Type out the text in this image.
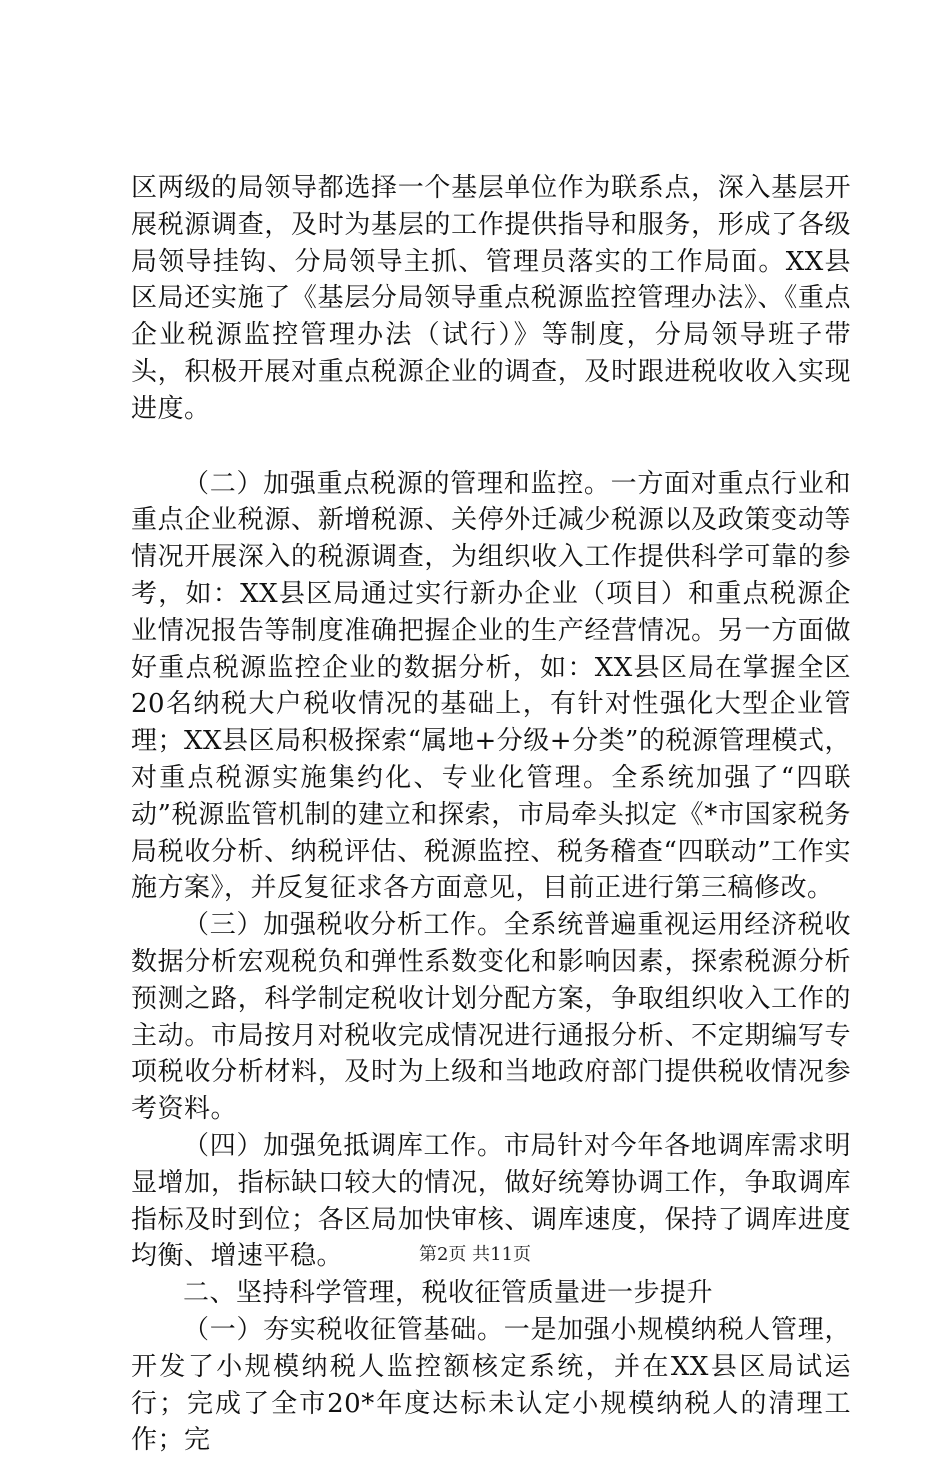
区两级的局领导都选择一个基层单位作为联系点，深入基层开展税源调查，及时为基层的工作提供指导和服务，形成了各级局领导挂钩、分局领导主抓、管理员落实的工作局面。XX县区局还实施了《基层分局领导重点税源监控管理办法》、《重点企业税源监控管理办法（试行）》等制度，分局领导班子带头，积极开展对重点税源企业的调查，及时跟进税收收入实现进度。

（二）加强重点税源的管理和监控。一方面对重点行业和重点企业税源、新增税源、关停外迁减少税源以及政策变动等情况开展深入的税源调查，为组织收入工作提供科学可靠的参考，如：XX县区局通过实行新办企业（项目）和重点税源企业情况报告等制度准确把握企业的生产经营情况。另一方面做好重点税源监控企业的数据分析，如：XX县区局在掌握全区20名纳税大户税收情况的基础上，有针对性强化大型企业管理；XX县区局积极探索“属地+分级+分类”的税源管理模式，对重点税源实施集约化、专业化管理。全系统加强了“四联动”税源监管机制的建立和探索，市局牵头拟定《*市国家税务局税收分析、纳税评估、税源监控、税务稽查“四联动”工作实施方案》，并反复征求各方面意见，目前正进行第三稿修改。

（三）加强税收分析工作。全系统普遍重视运用经济税收数据分析宏观税负和弹性系数变化和影响因素，探索税源分析预测之路，科学制定税收计划分配方案，争取组织收入工作的主动。市局按月对税收完成情况进行通报分析、不定期编写专项税收分析材料，及时为上级和当地政府部门提供税收情况参考资料。

（四）加强免抵调库工作。市局针对今年各地调库需求明显增加，指标缺口较大的情况，做好统筹协调工作，争取调库指标及时到位；各区局加快审核、调库速度，保持了调库进度均衡、增速平稳。

二、坚持科学管理，税收征管质量进一步提升

（一）夯实税收征管基础。一是加强小规模纳税人管理，开发了小规模纳税人监控额核定系统，并在XX县区局试运行；完成了全市20*年度达标未认定小规模纳税人的清理工作；完

第2页 共11页
